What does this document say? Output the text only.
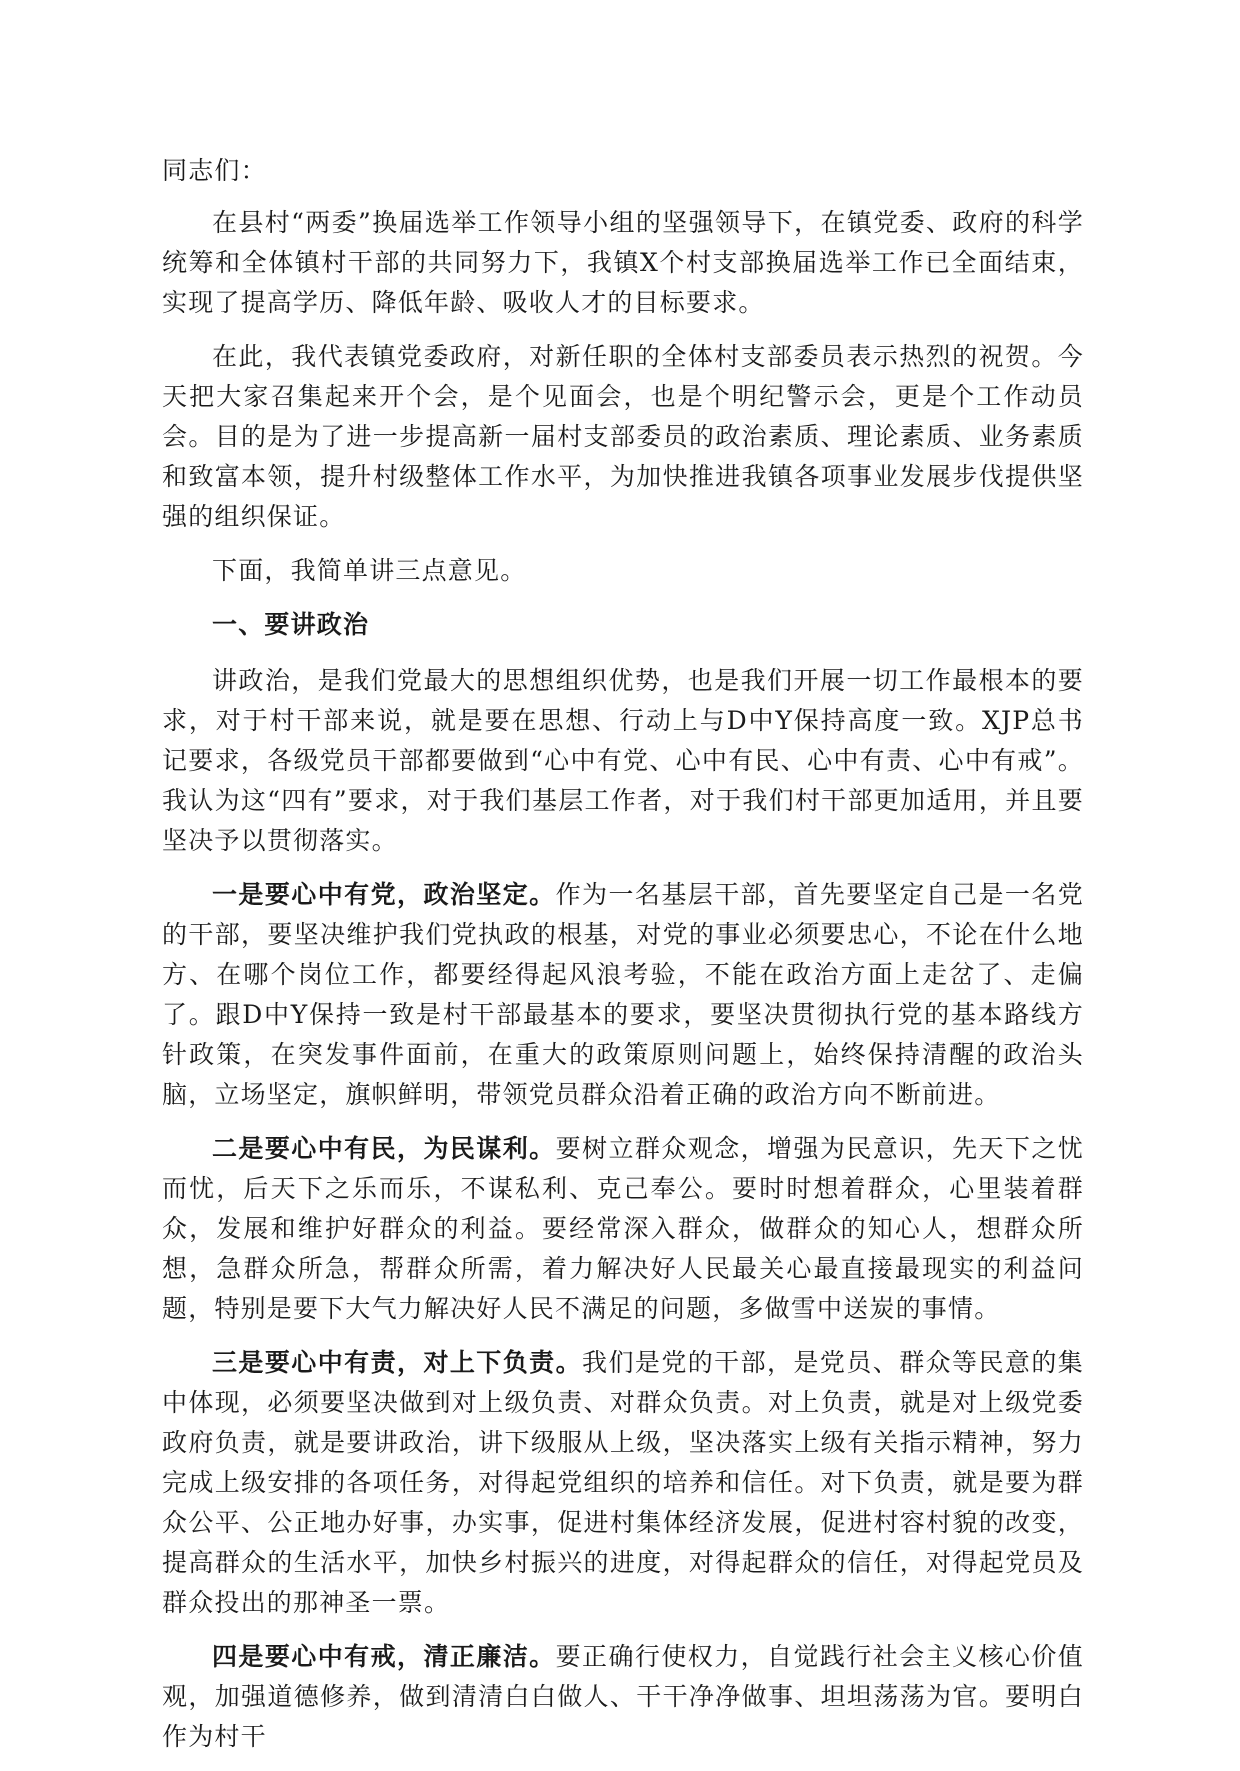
同志们：

在县村“两委”换届选举工作领导小组的坚强领导下，在镇党委、政府的科学统筹和全体镇村干部的共同努力下，我镇X个村支部换届选举工作已全面结束，实现了提高学历、降低年龄、吸收人才的目标要求。

在此，我代表镇党委政府，对新任职的全体村支部委员表示热烈的祝贺。今天把大家召集起来开个会，是个见面会，也是个明纪警示会，更是个工作动员会。目的是为了进一步提高新一届村支部委员的政治素质、理论素质、业务素质和致富本领，提升村级整体工作水平，为加快推进我镇各项事业发展步伐提供坚强的组织保证。

下面，我简单讲三点意见。

一、要讲政治

讲政治，是我们党最大的思想组织优势，也是我们开展一切工作最根本的要求，对于村干部来说，就是要在思想、行动上与D中Y保持高度一致。XJP总书记要求，各级党员干部都要做到“心中有党、心中有民、心中有责、心中有戒”。我认为这“四有”要求，对于我们基层工作者，对于我们村干部更加适用，并且要坚决予以贯彻落实。

一是要心中有党，政治坚定。作为一名基层干部，首先要坚定自己是一名党的干部，要坚决维护我们党执政的根基，对党的事业必须要忠心，不论在什么地方、在哪个岗位工作，都要经得起风浪考验，不能在政治方面上走岔了、走偏了。跟D中Y保持一致是村干部最基本的要求，要坚决贯彻执行党的基本路线方针政策，在突发事件面前，在重大的政策原则问题上，始终保持清醒的政治头脑，立场坚定，旗帜鲜明，带领党员群众沿着正确的政治方向不断前进。

二是要心中有民，为民谋利。要树立群众观念，增强为民意识，先天下之忧而忧，后天下之乐而乐，不谋私利、克己奉公。要时时想着群众，心里装着群众，发展和维护好群众的利益。要经常深入群众，做群众的知心人，想群众所想，急群众所急，帮群众所需，着力解决好人民最关心最直接最现实的利益问题，特别是要下大气力解决好人民不满足的问题，多做雪中送炭的事情。

三是要心中有责，对上下负责。我们是党的干部，是党员、群众等民意的集中体现，必须要坚决做到对上级负责、对群众负责。对上负责，就是对上级党委政府负责，就是要讲政治，讲下级服从上级，坚决落实上级有关指示精神，努力完成上级安排的各项任务，对得起党组织的培养和信任。对下负责，就是要为群众公平、公正地办好事，办实事，促进村集体经济发展，促进村容村貌的改变，提高群众的生活水平，加快乡村振兴的进度，对得起群众的信任，对得起党员及群众投出的那神圣一票。

四是要心中有戒，清正廉洁。要正确行使权力，自觉践行社会主义核心价值观，加强道德修养，做到清清白白做人、干干净净做事、坦坦荡荡为官。要明白作为村干
